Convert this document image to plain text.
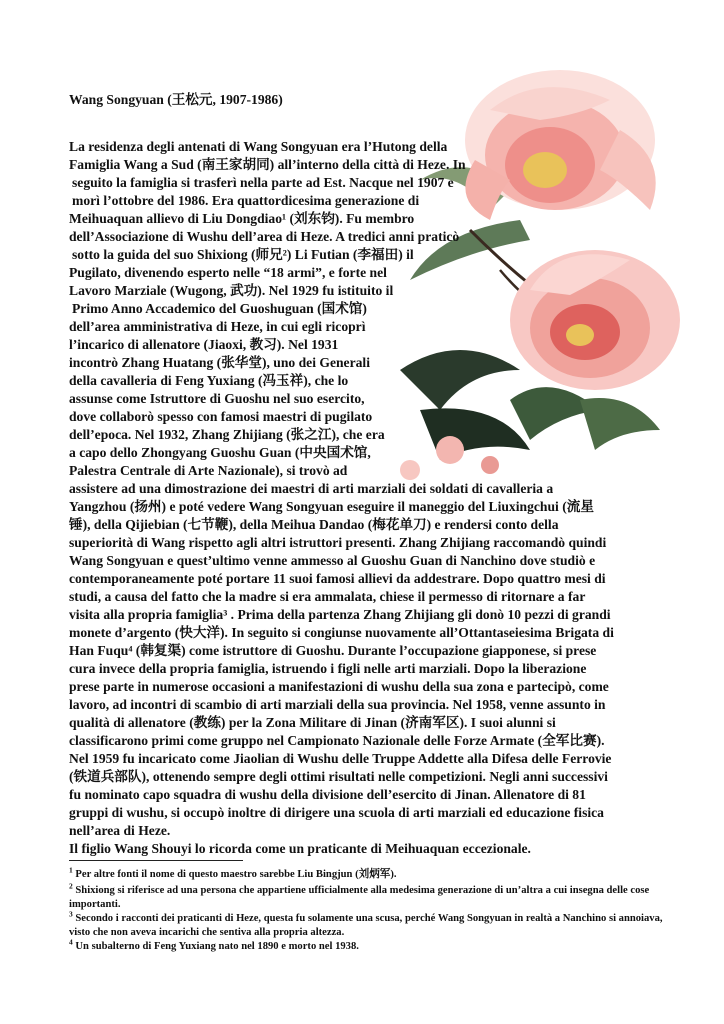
Wang Songyuan (王松元, 1907-1986)
La residenza degli antenati di Wang Songyuan era l’Hutong della
Famiglia Wang a Sud (南王家胡同) all’interno della città di Heze. In
seguito la famiglia si trasferì nella parte ad Est. Nacque nel 1907 e
morì l’ottobre del 1986. Era quattordicesima generazione di
Meihuaquan allievo di Liu Dongdiao¹ (刘东钧). Fu membro
dell’Associazione di Wushu dell’area di Heze. A tredici anni praticò
sotto la guida del suo Shixiong (师兄²) Li Futian (李福田) il
Pugilato, divenendo esperto nelle “18 armi”, e forte nel
Lavoro Marziale (Wugong, 武功). Nel 1929 fu istituito il
Primo Anno Accademico del Guoshuguan (国术馆)
dell’area amministrativa di Heze, in cui egli ricoprì
l’incarico di allenatore (Jiaoxi, 教习). Nel 1931
incontrò Zhang Huatang (张华堂), uno dei Generali
della cavalleria di Feng Yuxiang (冯玉祥), che lo
assunse come Istruttore di Guoshu nel suo esercito,
dove collaborò spesso con famosi maestri di pugilato
dell’epoca. Nel 1932, Zhang Zhijiang (张之江), che era
a capo dello Zhongyang Guoshu Guan (中央国术馆,
Palestra Centrale di Arte Nazionale), si trovò ad
assistere ad una dimostrazione dei maestri di arti marziali dei soldati di cavalleria a
Yangzhou (扬州) e poté vedere Wang Songyuan eseguire il maneggio del Liuxingchui (流星
锤), della Qijiebian (七节鞭), della Meihua Dandao (梅花单刀) e rendersi conto della
superiorità di Wang rispetto agli altri istruttori presenti. Zhang Zhijiang raccomandò quindi
Wang Songyuan e quest’ultimo venne ammesso al Guoshu Guan di Nanchino dove studiò e
contemporaneamente poté portare 11 suoi famosi allievi da addestrare. Dopo quattro mesi di
studi, a causa del fatto che la madre si era ammalata, chiese il permesso di ritornare a far
visita alla propria famiglia³ . Prima della partenza Zhang Zhijiang gli donò 10 pezzi di grandi
monete d’argento (快大洋). In seguito si congiunse nuovamente all’Ottantaseiesima Brigata di
Han Fuqu⁴ (韩复渠) come istruttore di Guoshu. Durante l’occupazione giapponese, si prese
cura invece della propria famiglia, istruendo i figli nelle arti marziali. Dopo la liberazione
prese parte in numerose occasioni a manifestazioni di wushu della sua zona e partecipò, come
lavoro, ad incontri di scambio di arti marziali della sua provincia. Nel 1958, venne assunto in
qualità di allenatore (教练) per la Zona Militare di Jinan (济南军区). I suoi alunni si
classificarono primi come gruppo nel Campionato Nazionale delle Forze Armate (全军比赛).
Nel 1959 fu incaricato come Jiaolian di Wushu delle Truppe Addette alla Difesa delle Ferrovie
(铁道兵部队), ottenendo sempre degli ottimi risultati nelle competizioni. Negli anni successivi
fu nominato capo squadra di wushu della divisione dell’esercito di Jinan. Allenatore di 81
gruppi di wushu, si occupò inoltre di dirigere una scuola di arti marziali ed educazione fisica
nell’area di Heze.
Il figlio Wang Shouyi lo ricorda come un praticante di Meihuaquan eccezionale.
$^1$ Per altre fonti il nome di questo maestro sarebbe Liu Bingjun (刘炳军).
$^2$ Shixiong si riferisce ad una persona che appartiene ufficialmente alla medesima generazione di un’altra a cui insegna delle cose importanti.
$^3$ Secondo i racconti dei praticanti di Heze, questa fu solamente una scusa, perché Wang Songyuan in realtà a Nanchino si annoiava, visto che non aveva incarichi che sentiva alla propria altezza.
$^4$ Un subalterno di Feng Yuxiang nato nel 1890 e morto nel 1938.
